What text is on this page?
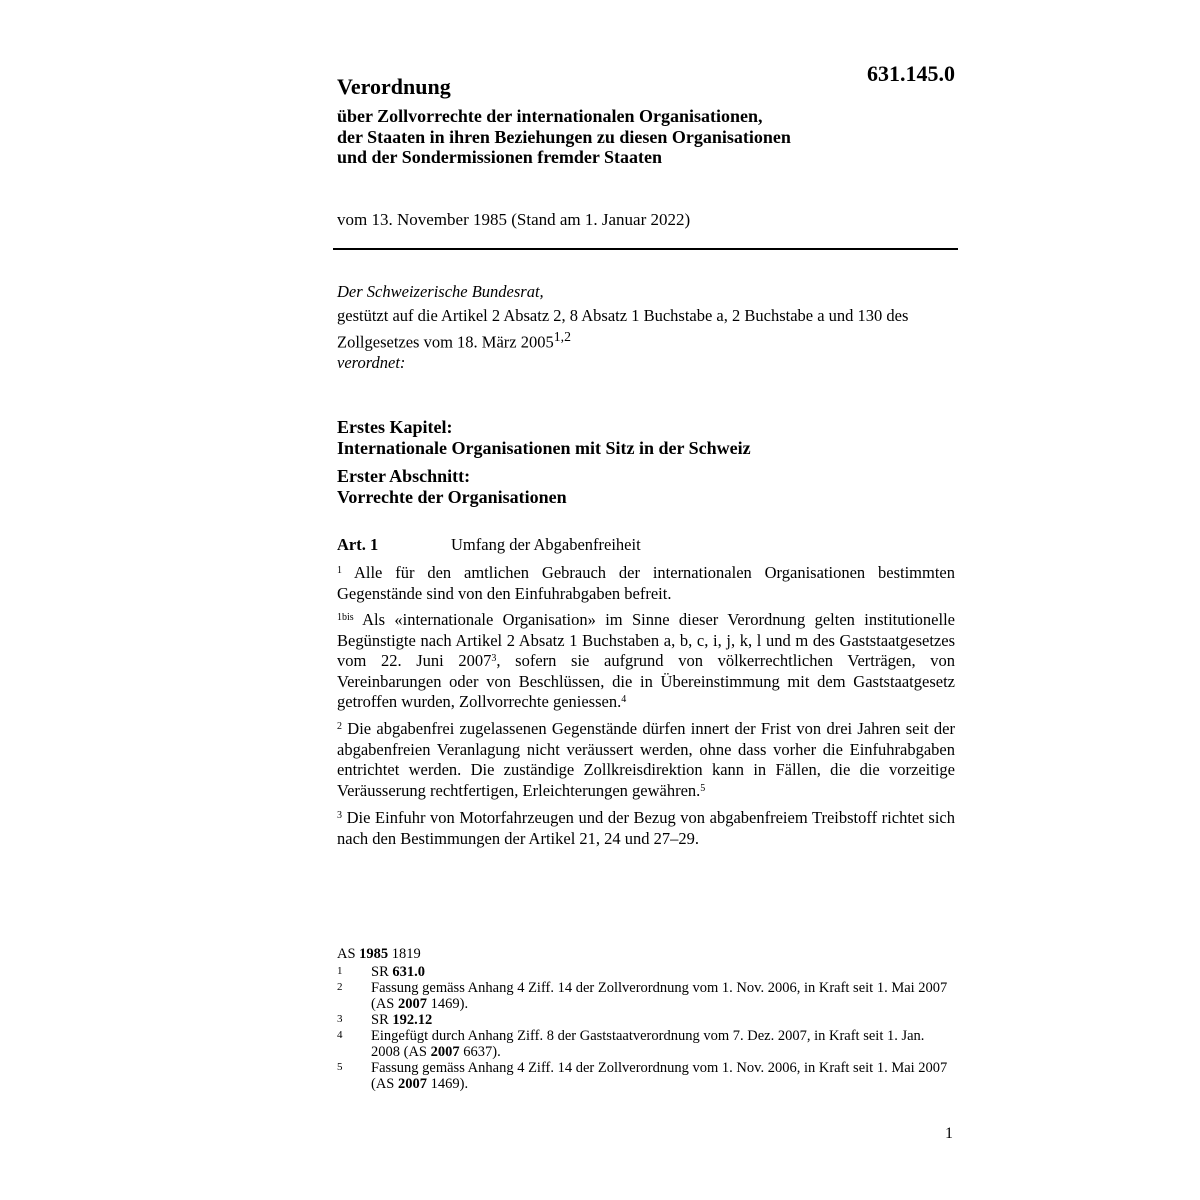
631.145.0
Verordnung
über Zollvorrechte der internationalen Organisationen,
der Staaten in ihren Beziehungen zu diesen Organisationen
und der Sondermissionen fremder Staaten
vom 13. November 1985 (Stand am 1. Januar 2022)
Der Schweizerische Bundesrat,
gestützt auf die Artikel 2 Absatz 2, 8 Absatz 1 Buchstabe a, 2 Buchstabe a und 130 des Zollgesetzes vom 18. März 2005$^{1,2}$
verordnet:
Erstes Kapitel:
Internationale Organisationen mit Sitz in der Schweiz
Erster Abschnitt:
Vorrechte der Organisationen
Art. 1	Umfang der Abgabenfreiheit
$^1$ Alle für den amtlichen Gebrauch der internationalen Organisationen bestimmten Gegenstände sind von den Einfuhrabgaben befreit.
$^{1bis}$ Als «internationale Organisation» im Sinne dieser Verordnung gelten institutionelle Begünstigte nach Artikel 2 Absatz 1 Buchstaben a, b, c, i, j, k, l und m des Gaststaatgesetzes vom 22. Juni 2007$^3$, sofern sie aufgrund von völkerrechtlichen Verträgen, von Vereinbarungen oder von Beschlüssen, die in Übereinstimmung mit dem Gaststaatgesetz getroffen wurden, Zollvorrechte geniessen.$^4$
$^2$ Die abgabenfrei zugelassenen Gegenstände dürfen innert der Frist von drei Jahren seit der abgabenfreien Veranlagung nicht veräussert werden, ohne dass vorher die Einfuhrabgaben entrichtet werden. Die zuständige Zollkreisdirektion kann in Fällen, die die vorzeitige Veräusserung rechtfertigen, Erleichterungen gewähren.$^5$
$^3$ Die Einfuhr von Motorfahrzeugen und der Bezug von abgabenfreiem Treibstoff richtet sich nach den Bestimmungen der Artikel 21, 24 und 27–29.
AS 1985 1819
1	SR 631.0
2	Fassung gemäss Anhang 4 Ziff. 14 der Zollverordnung vom 1. Nov. 2006, in Kraft seit 1. Mai 2007 (AS 2007 1469).
3	SR 192.12
4	Eingefügt durch Anhang Ziff. 8 der Gaststaatverordnung vom 7. Dez. 2007, in Kraft seit 1. Jan. 2008 (AS 2007 6637).
5	Fassung gemäss Anhang 4 Ziff. 14 der Zollverordnung vom 1. Nov. 2006, in Kraft seit 1. Mai 2007 (AS 2007 1469).
1
